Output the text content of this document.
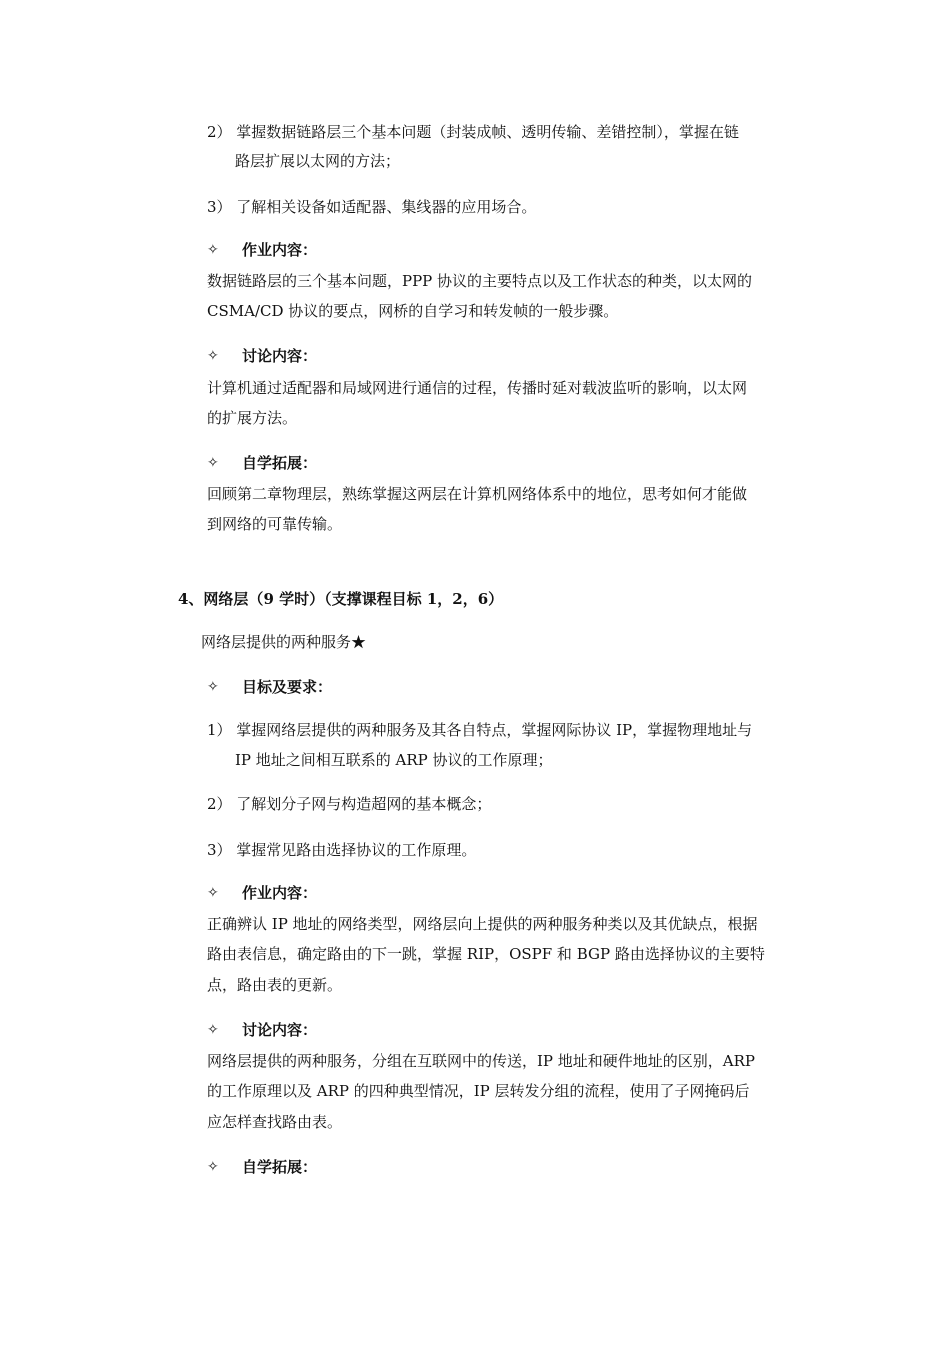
2） 掌握数据链路层三个基本问题（封装成帧、透明传输、差错控制），掌握在链
路层扩展以太网的方法；
3） 了解相关设备如适配器、集线器的应用场合。
✧ 作业内容：
数据链路层的三个基本问题，PPP 协议的主要特点以及工作状态的种类，以太网的
CSMA/CD 协议的要点，网桥的自学习和转发帧的一般步骤。
✧ 讨论内容：
计算机通过适配器和局域网进行通信的过程，传播时延对载波监听的影响，以太网
的扩展方法。
✧ 自学拓展：
回顾第二章物理层，熟练掌握这两层在计算机网络体系中的地位，思考如何才能做
到网络的可靠传输。
4、网络层（9 学时）（支撑课程目标 1，2，6）
网络层提供的两种服务★
✧ 目标及要求：
1） 掌握网络层提供的两种服务及其各自特点，掌握网际协议 IP，掌握物理地址与
IP 地址之间相互联系的 ARP 协议的工作原理；
2） 了解划分子网与构造超网的基本概念；
3） 掌握常见路由选择协议的工作原理。
✧ 作业内容：
正确辨认 IP 地址的网络类型，网络层向上提供的两种服务种类以及其优缺点，根据
路由表信息，确定路由的下一跳，掌握 RIP，OSPF 和 BGP 路由选择协议的主要特
点，路由表的更新。
✧ 讨论内容：
网络层提供的两种服务，分组在互联网中的传送，IP 地址和硬件地址的区别，ARP
的工作原理以及 ARP 的四种典型情况，IP 层转发分组的流程，使用了子网掩码后
应怎样查找路由表。
✧ 自学拓展：
